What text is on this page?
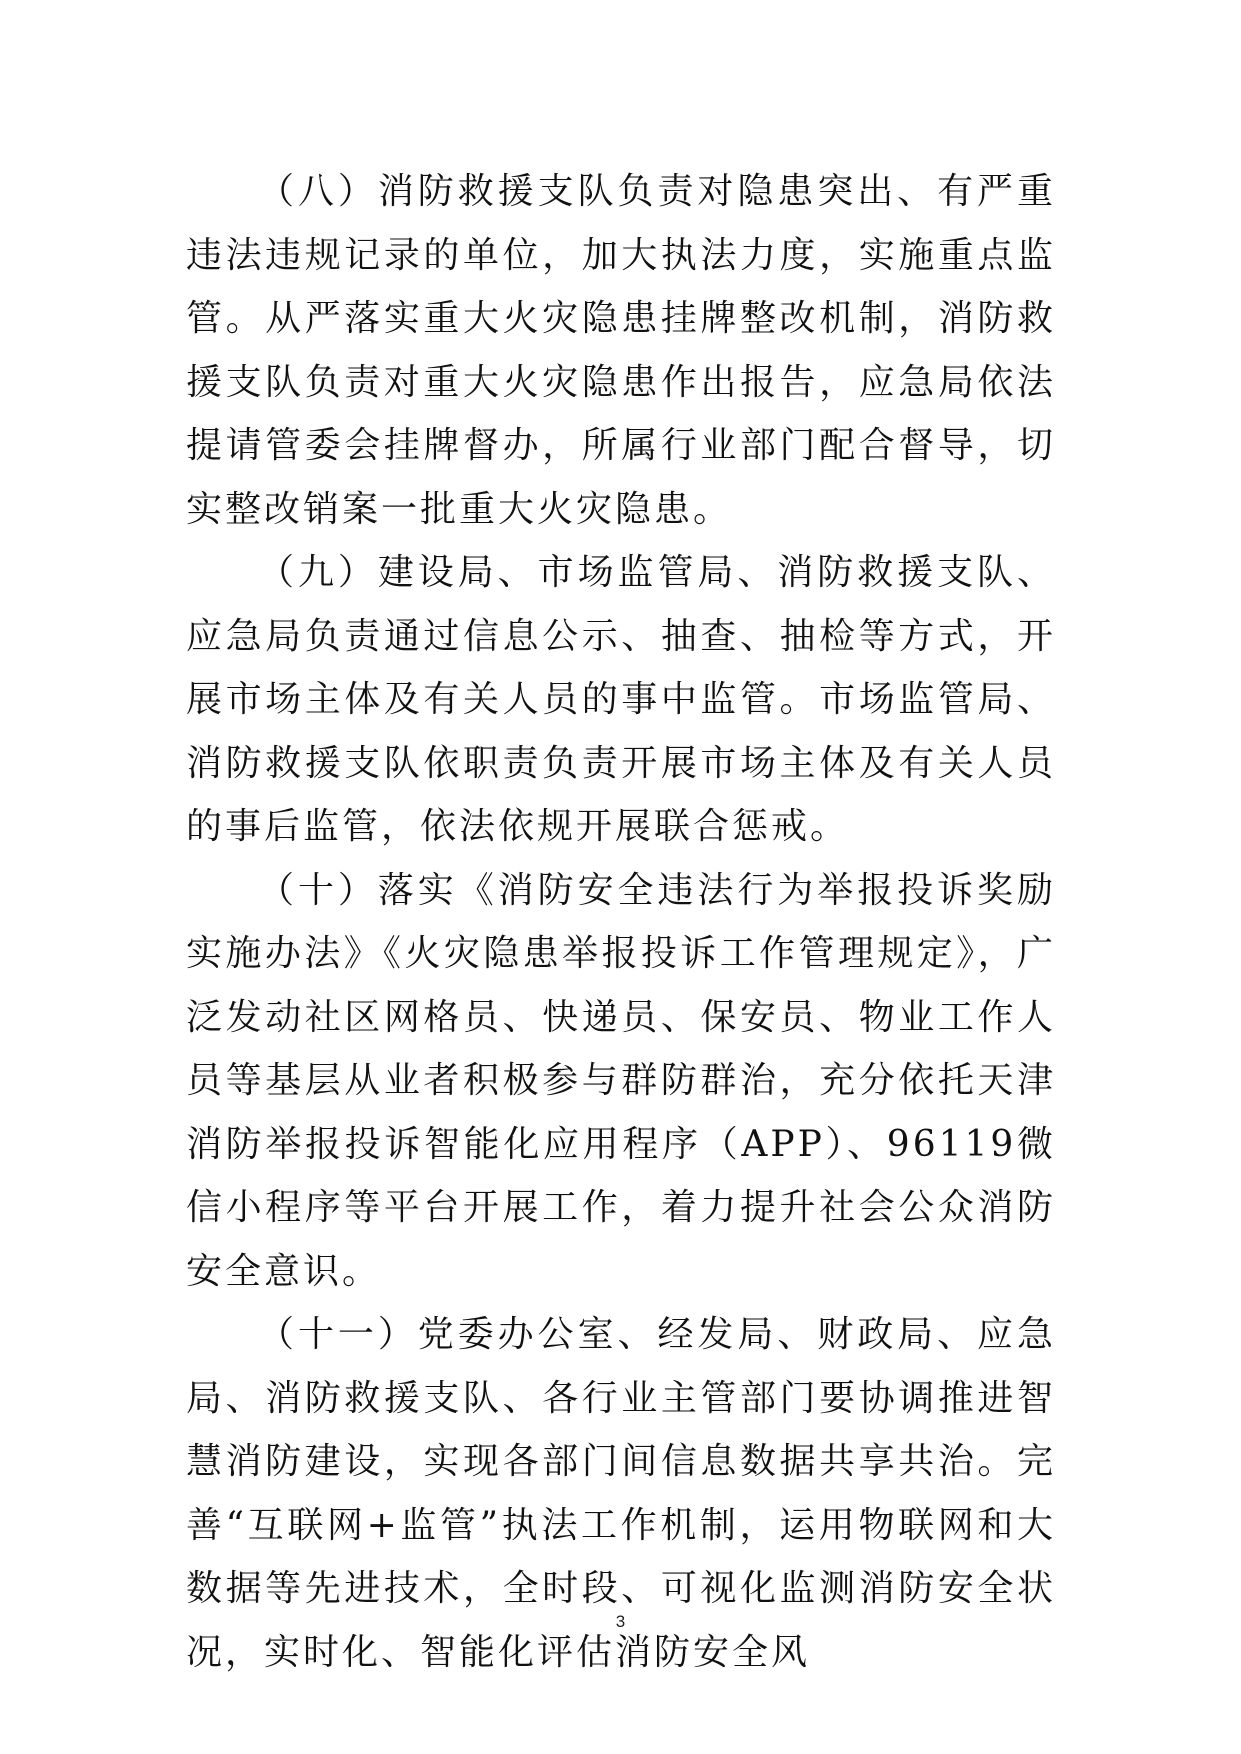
（八）消防救援支队负责对隐患突出、有严重违法违规记录的单位，加大执法力度，实施重点监管。从严落实重大火灾隐患挂牌整改机制，消防救援支队负责对重大火灾隐患作出报告，应急局依法提请管委会挂牌督办，所属行业部门配合督导，切实整改销案一批重大火灾隐患。

（九）建设局、市场监管局、消防救援支队、应急局负责通过信息公示、抽查、抽检等方式，开展市场主体及有关人员的事中监管。市场监管局、消防救援支队依职责负责开展市场主体及有关人员的事后监管，依法依规开展联合惩戒。

（十）落实《消防安全违法行为举报投诉奖励实施办法》《火灾隐患举报投诉工作管理规定》，广泛发动社区网格员、快递员、保安员、物业工作人员等基层从业者积极参与群防群治，充分依托天津消防举报投诉智能化应用程序（APP）、96119微信小程序等平台开展工作，着力提升社会公众消防安全意识。

（十一）党委办公室、经发局、财政局、应急局、消防救援支队、各行业主管部门要协调推进智慧消防建设，实现各部门间信息数据共享共治。完善“互联网+监管”执法工作机制，运用物联网和大数据等先进技术，全时段、可视化监测消防安全状况，实时化、智能化评估消防安全风

3
